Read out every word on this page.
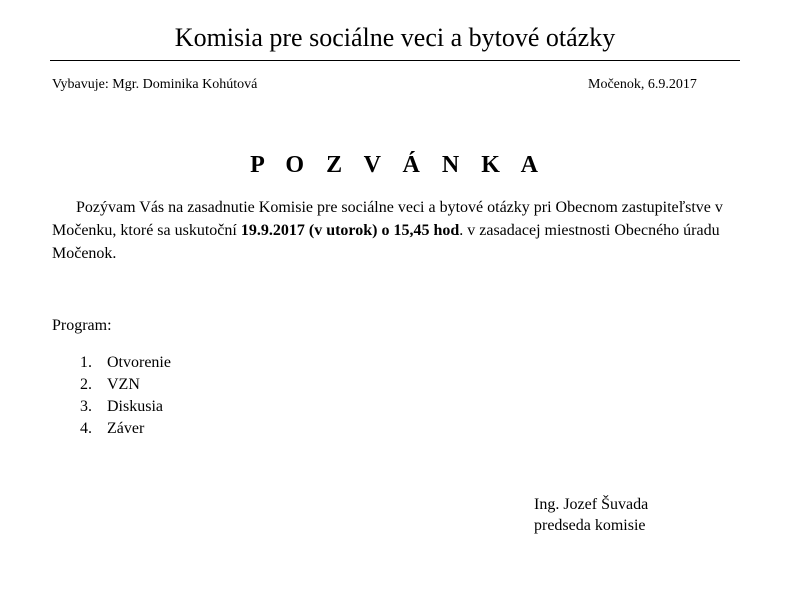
Komisia pre sociálne veci a bytové otázky
Vybavuje: Mgr. Dominika Kohútová	Močenok, 6.9.2017
P O Z V Á N K A

Pozývam Vás na zasadnutie Komisie pre sociálne veci a bytové otázky pri Obecnom zastupiteľstve v Močenku, ktoré sa uskutoční 19.9.2017 (v utorok) o 15,45 hod. v zasadacej miestnosti Obecného úradu Močenok.

Program:
1. Otvorenie
2. VZN
3. Diskusia
4. Záver
Ing. Jozef Šuvada
predseda komisie
